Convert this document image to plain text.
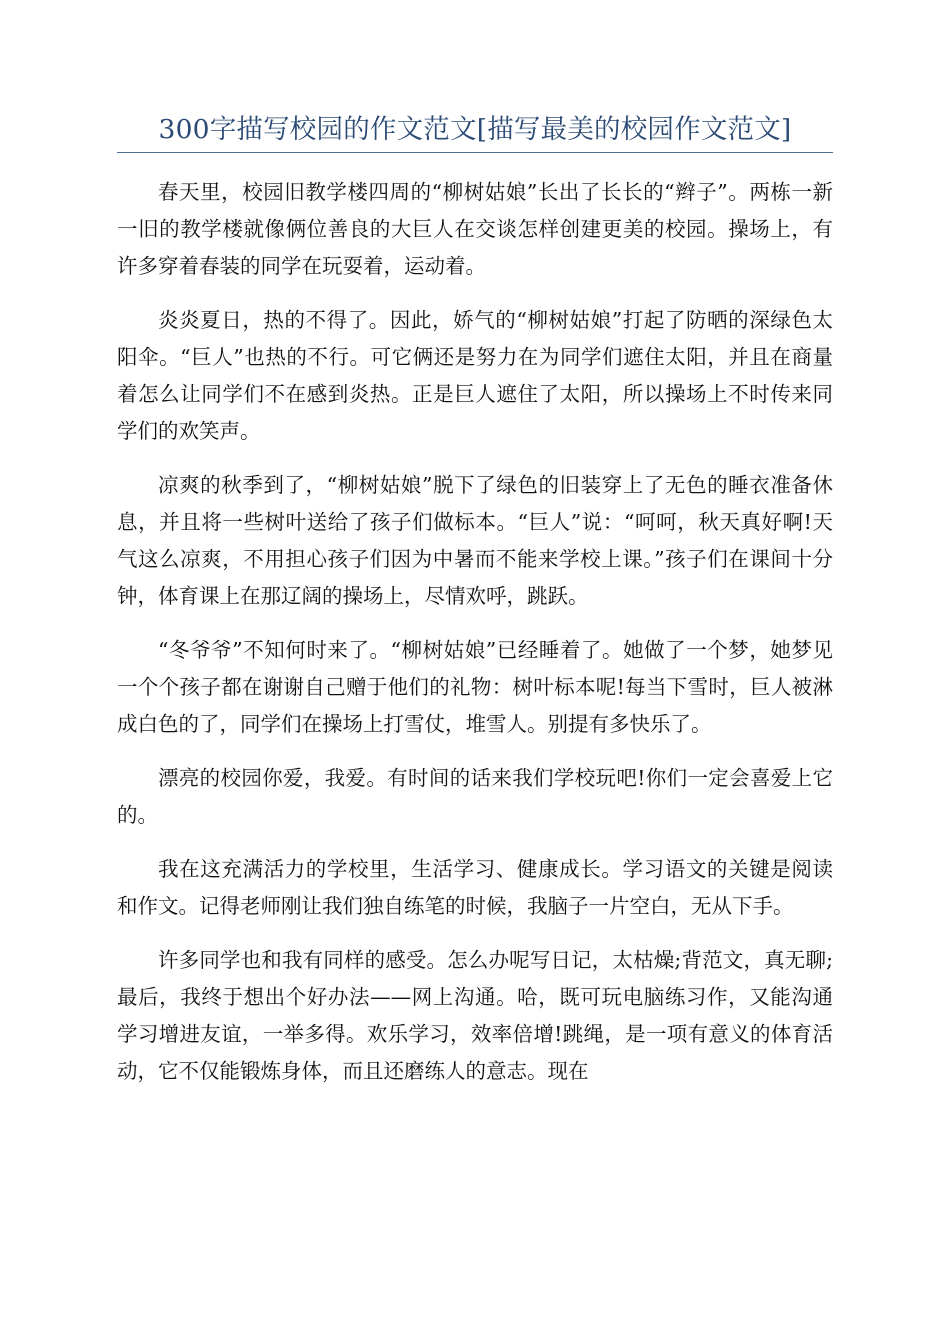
300字描写校园的作文范文[描写最美的校园作文范文]

春天里，校园旧教学楼四周的“柳树姑娘”长出了长长的“辫子”。两栋一新一旧的教学楼就像俩位善良的大巨人在交谈怎样创建更美的校园。操场上，有许多穿着春装的同学在玩耍着，运动着。

炎炎夏日，热的不得了。因此，娇气的“柳树姑娘”打起了防晒的深绿色太阳伞。“巨人”也热的不行。可它俩还是努力在为同学们遮住太阳，并且在商量着怎么让同学们不在感到炎热。正是巨人遮住了太阳，所以操场上不时传来同学们的欢笑声。

凉爽的秋季到了，“柳树姑娘”脱下了绿色的旧装穿上了无色的睡衣准备休息，并且将一些树叶送给了孩子们做标本。“巨人”说：“呵呵，秋天真好啊!天气这么凉爽，不用担心孩子们因为中暑而不能来学校上课。”孩子们在课间十分钟，体育课上在那辽阔的操场上，尽情欢呼，跳跃。

“冬爷爷”不知何时来了。“柳树姑娘”已经睡着了。她做了一个梦，她梦见一个个孩子都在谢谢自己赠于他们的礼物：树叶标本呢!每当下雪时，巨人被淋成白色的了，同学们在操场上打雪仗，堆雪人。别提有多快乐了。

漂亮的校园你爱，我爱。有时间的话来我们学校玩吧!你们一定会喜爱上它的。

我在这充满活力的学校里，生活学习、健康成长。学习语文的关键是阅读和作文。记得老师刚让我们独自练笔的时候，我脑子一片空白，无从下手。

许多同学也和我有同样的感受。怎么办呢写日记，太枯燥;背范文，真无聊;最后，我终于想出个好办法——网上沟通。哈，既可玩电脑练习作，又能沟通学习增进友谊，一举多得。欢乐学习，效率倍增!跳绳，是一项有意义的体育活动，它不仅能锻炼身体，而且还磨练人的意志。现在
